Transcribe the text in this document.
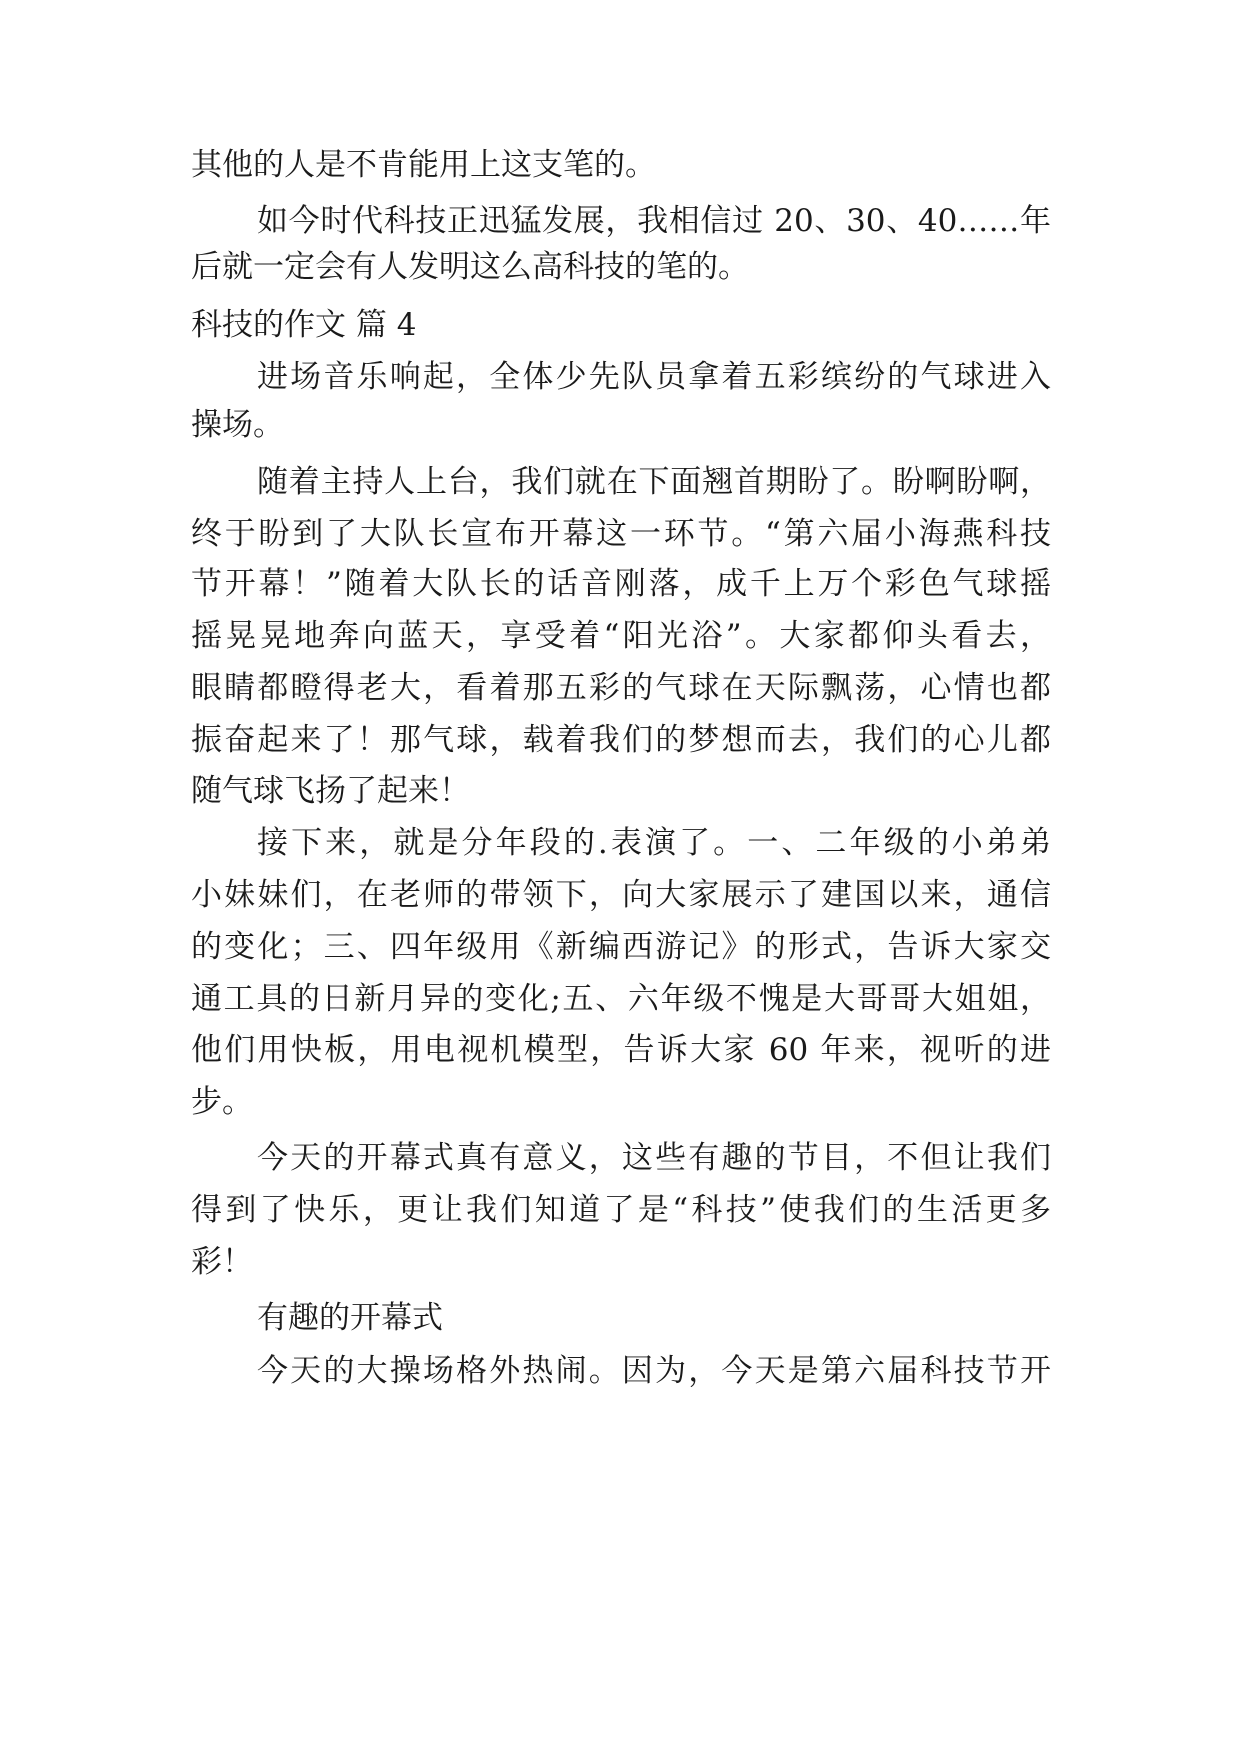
其他的人是不肯能用上这支笔的。
如今时代科技正迅猛发展，我相信过 20、30、40……年
后就一定会有人发明这么高科技的笔的。
科技的作文 篇 4
进场音乐响起，全体少先队员拿着五彩缤纷的气球进入
操场。
随着主持人上台，我们就在下面翘首期盼了。盼啊盼啊，
终于盼到了大队长宣布开幕这一环节。“第六届小海燕科技
节开幕！”随着大队长的话音刚落，成千上万个彩色气球摇
摇晃晃地奔向蓝天，享受着“阳光浴”。大家都仰头看去，
眼睛都瞪得老大，看着那五彩的气球在天际飘荡，心情也都
振奋起来了！那气球，载着我们的梦想而去，我们的心儿都
随气球飞扬了起来！
接下来，就是分年段的.表演了。一、二年级的小弟弟
小妹妹们，在老师的带领下，向大家展示了建国以来，通信
的变化；三、四年级用《新编西游记》的形式，告诉大家交
通工具的日新月异的变化;五、六年级不愧是大哥哥大姐姐，
他们用快板，用电视机模型，告诉大家 60 年来，视听的进
步。
今天的开幕式真有意义，这些有趣的节目，不但让我们
得到了快乐，更让我们知道了是“科技”使我们的生活更多
彩！
有趣的开幕式
今天的大操场格外热闹。因为，今天是第六届科技节开
